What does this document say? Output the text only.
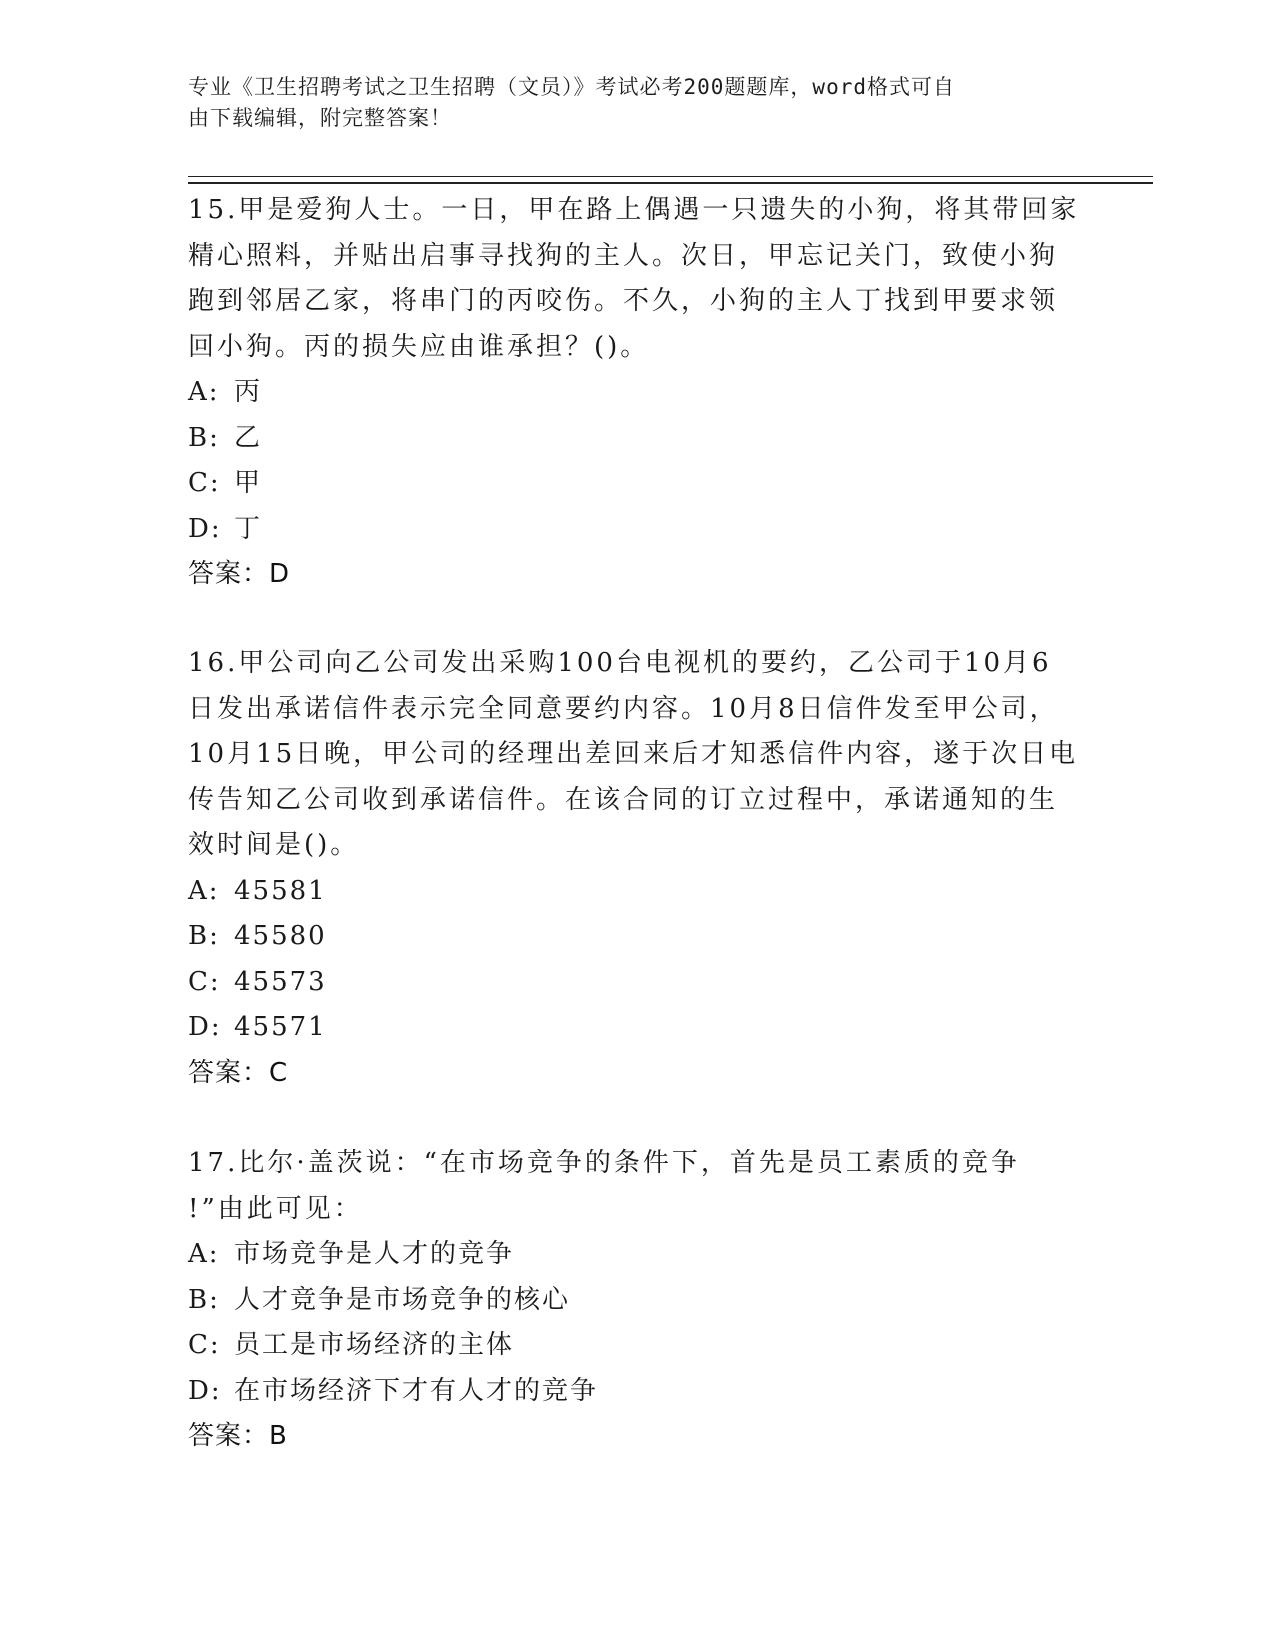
专业《卫生招聘考试之卫生招聘（文员）》考试必考200题题库，word格式可自
由下载编辑，附完整答案！

15.甲是爱狗人士。一日，甲在路上偶遇一只遗失的小狗，将其带回家

精心照料，并贴出启事寻找狗的主人。次日，甲忘记关门，致使小狗

跑到邻居乙家，将串门的丙咬伤。不久，小狗的主人丁找到甲要求领

回小狗。丙的损失应由谁承担？()。

A: 丙

B: 乙

C: 甲

D: 丁

答案：D

16.甲公司向乙公司发出采购100台电视机的要约，乙公司于10月6

日发出承诺信件表示完全同意要约内容。10月8日信件发至甲公司，

10月15日晚，甲公司的经理出差回来后才知悉信件内容，遂于次日电

传告知乙公司收到承诺信件。在该合同的订立过程中，承诺通知的生

效时间是()。

A: 45581

B: 45580

C: 45573

D: 45571

答案：C

17.比尔·盖茨说：“在市场竞争的条件下，首先是员工素质的竞争

!”由此可见：

A: 市场竞争是人才的竞争

B: 人才竞争是市场竞争的核心

C: 员工是市场经济的主体

D: 在市场经济下才有人才的竞争

答案：B
